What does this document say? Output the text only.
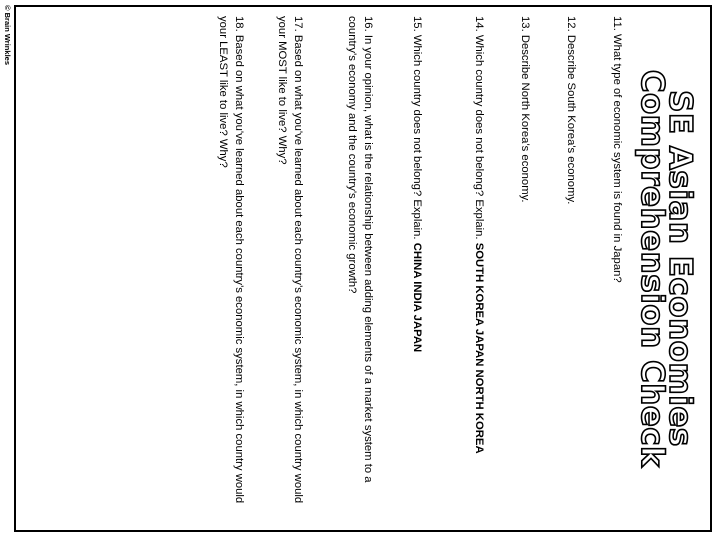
© Brain Wrinkles
SE Asian Economies
Comprehension Check
11. What type of economic system is found in Japan?
12. Describe South Korea's economy.
13. Describe North Korea's economy.
14. Which country does not belong? Explain. SOUTH KOREA JAPAN NORTH KOREA
15. Which country does not belong? Explain. CHINA INDIA JAPAN
16. In your opinion, what is the relationship between adding elements of a market system to a country's economy and the country's economic growth?
17. Based on what you've learned about each country's economic system, in which country would your MOST like to live? Why?
18. Based on what you've learned about each country's economic system, in which country would your LEAST like to live? Why?
